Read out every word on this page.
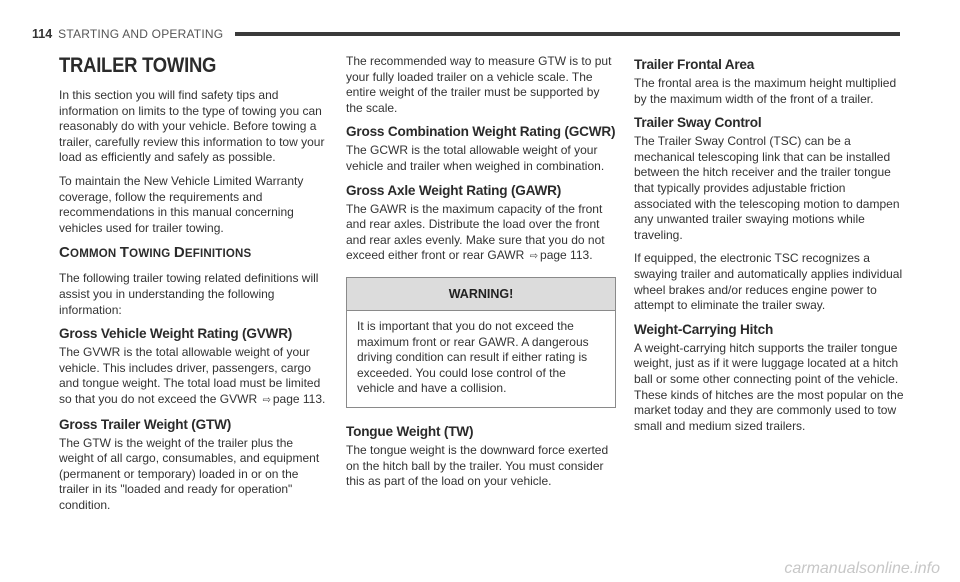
114 STARTING AND OPERATING
TRAILER TOWING

In this section you will find safety tips and information on limits to the type of towing you can reasonably do with your vehicle. Before towing a trailer, carefully review this information to tow your load as efficiently and safely as possible.

To maintain the New Vehicle Limited Warranty coverage, follow the requirements and recommendations in this manual concerning vehicles used for trailer towing.

COMMON TOWING DEFINITIONS

The following trailer towing related definitions will assist you in understanding the following information:

Gross Vehicle Weight Rating (GVWR)

The GVWR is the total allowable weight of your vehicle. This includes driver, passengers, cargo and tongue weight. The total load must be limited so that you do not exceed the GVWR ⇨ page 113.

Gross Trailer Weight (GTW)

The GTW is the weight of the trailer plus the weight of all cargo, consumables, and equipment (permanent or temporary) loaded in or on the trailer in its "loaded and ready for operation" condition.

The recommended way to measure GTW is to put your fully loaded trailer on a vehicle scale. The entire weight of the trailer must be supported by the scale.

Gross Combination Weight Rating (GCWR)

The GCWR is the total allowable weight of your vehicle and trailer when weighed in combination.

Gross Axle Weight Rating (GAWR)

The GAWR is the maximum capacity of the front and rear axles. Distribute the load over the front and rear axles evenly. Make sure that you do not exceed either front or rear GAWR ⇨ page 113.

WARNING!

It is important that you do not exceed the maximum front or rear GAWR. A dangerous driving condition can result if either rating is exceeded. You could lose control of the vehicle and have a collision.

Tongue Weight (TW)

The tongue weight is the downward force exerted on the hitch ball by the trailer. You must consider this as part of the load on your vehicle.

Trailer Frontal Area

The frontal area is the maximum height multiplied by the maximum width of the front of a trailer.

Trailer Sway Control

The Trailer Sway Control (TSC) can be a mechanical telescoping link that can be installed between the hitch receiver and the trailer tongue that typically provides adjustable friction associated with the telescoping motion to dampen any unwanted trailer swaying motions while traveling.

If equipped, the electronic TSC recognizes a swaying trailer and automatically applies individual wheel brakes and/or reduces engine power to attempt to eliminate the trailer sway.

Weight-Carrying Hitch

A weight-carrying hitch supports the trailer tongue weight, just as if it were luggage located at a hitch ball or some other connecting point of the vehicle. These kinds of hitches are the most popular on the market today and they are commonly used to tow small and medium sized trailers.

carmanualsonline.info
